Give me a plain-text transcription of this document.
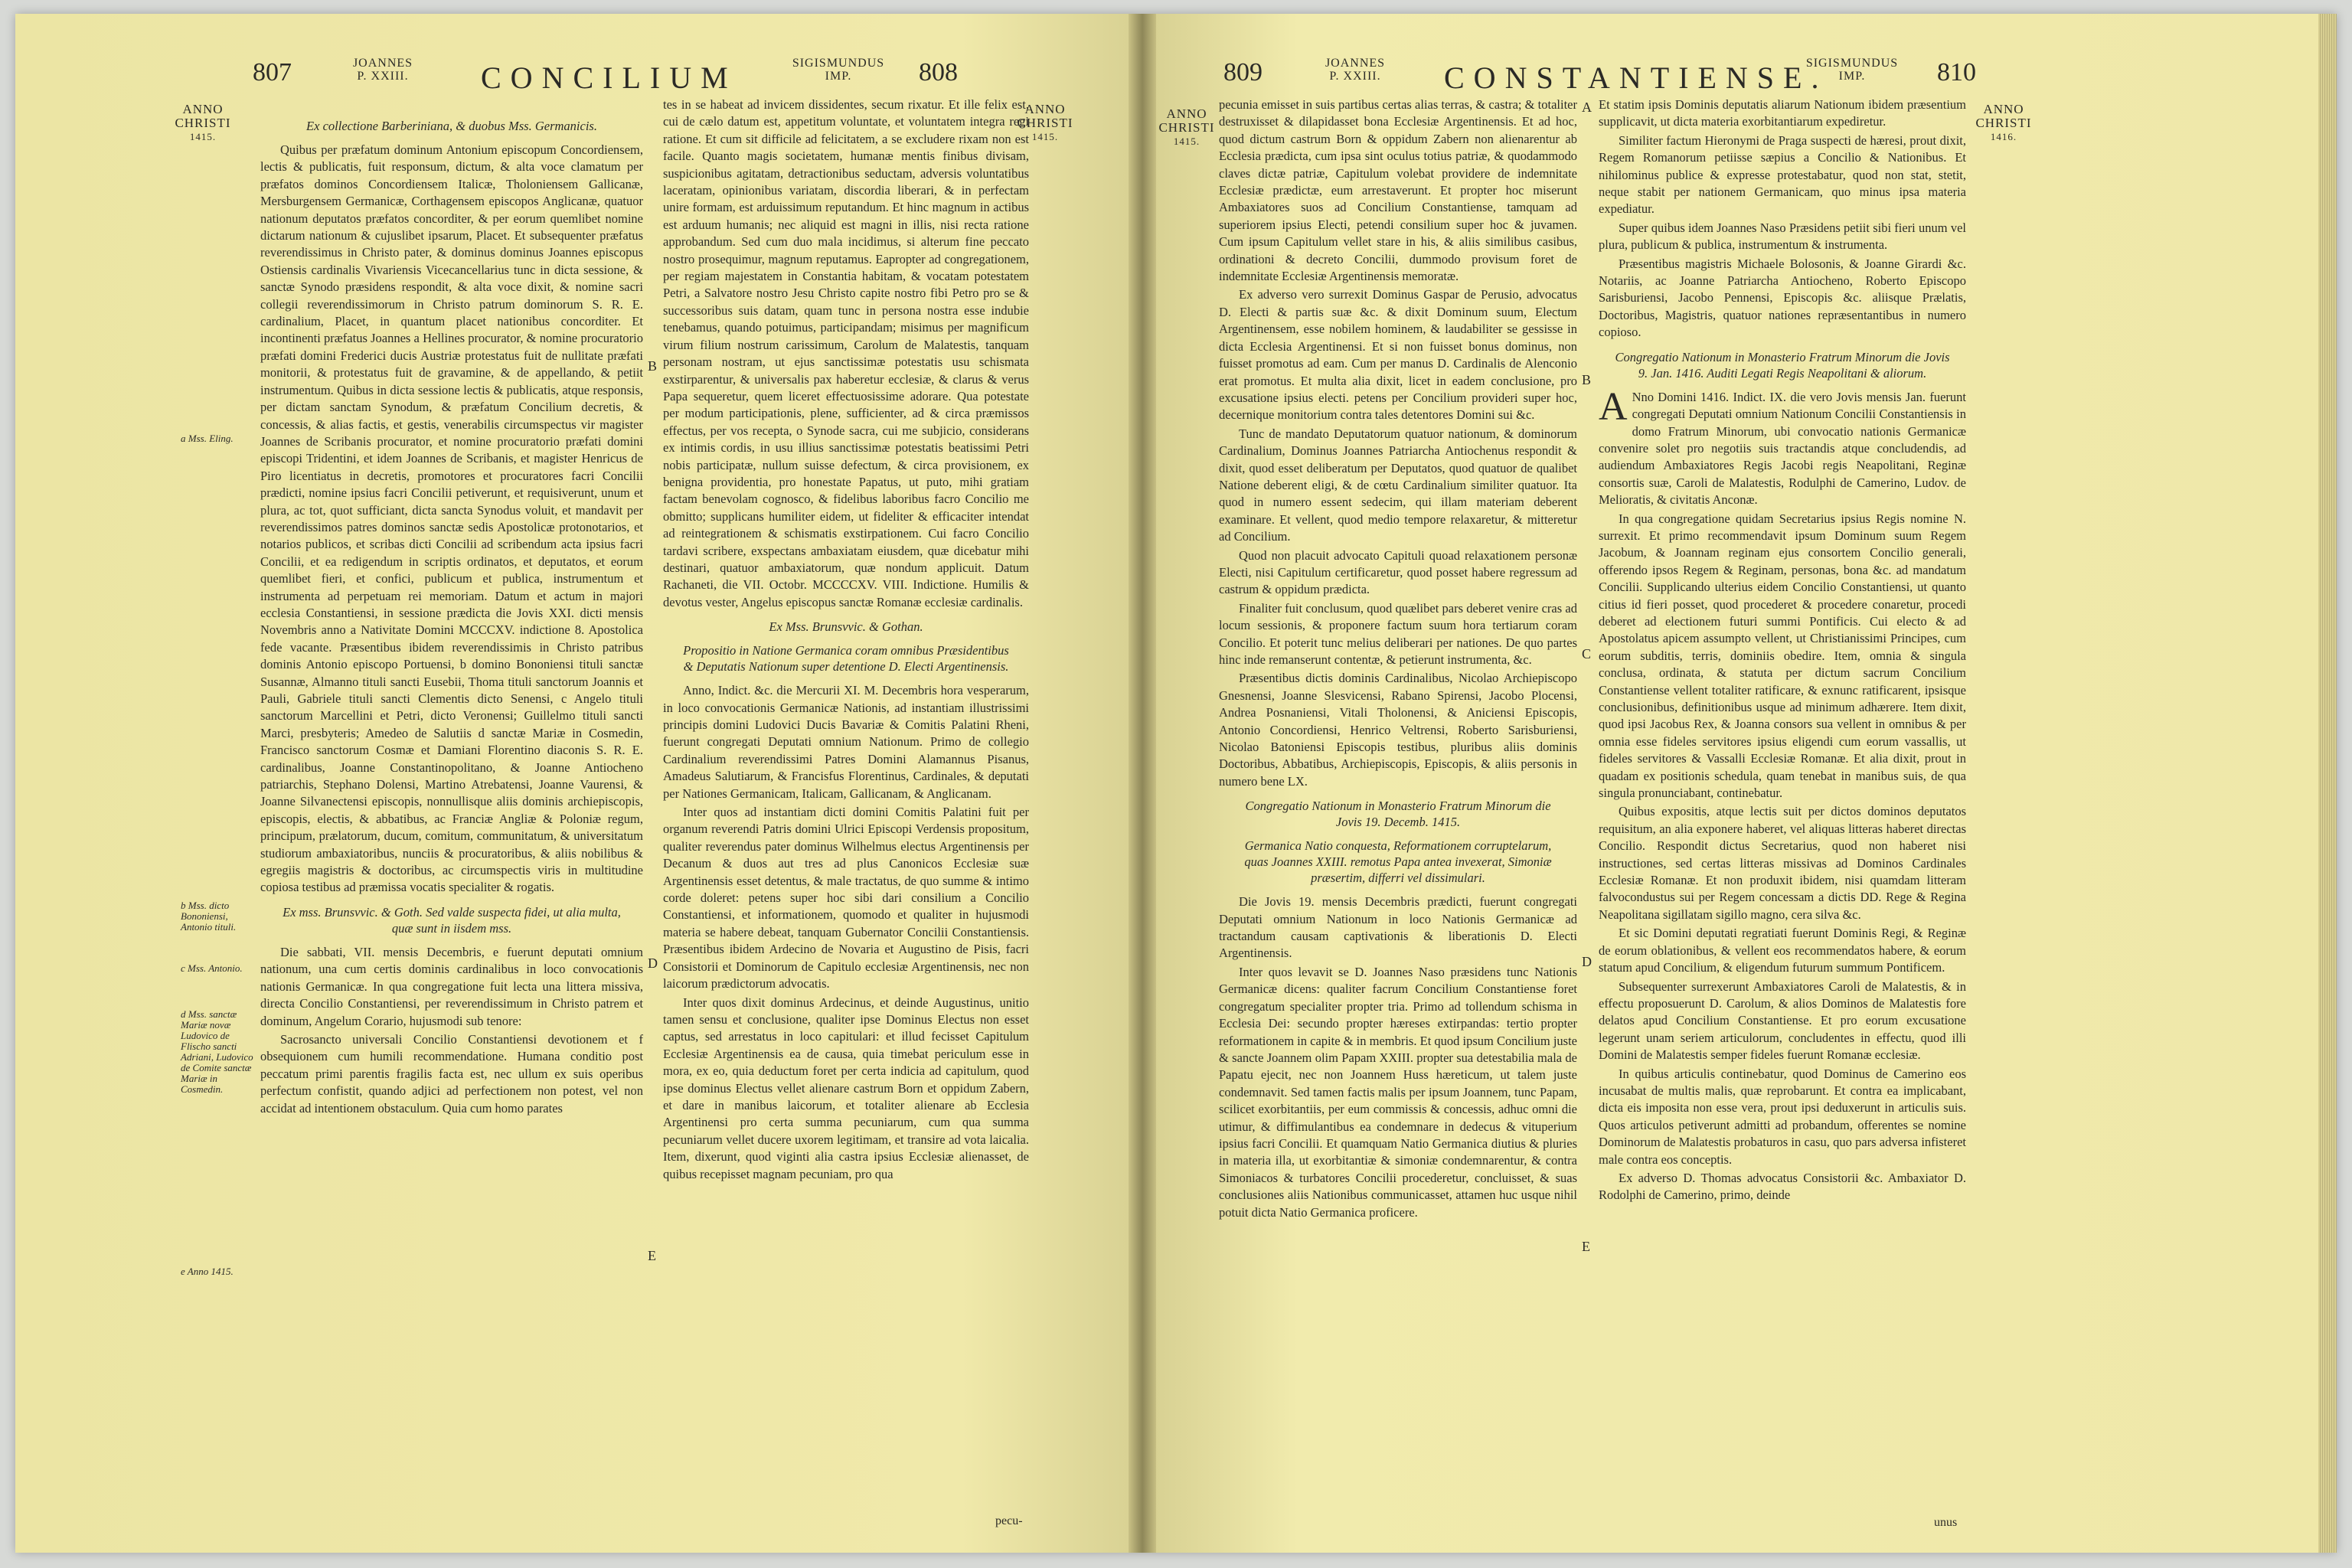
807	JOANNES
P. XXIII.	CONCILIUM	SIGISMUNDUS
IMP.	808
ANNO
CHRISTI
1415.
ANNO
CHRISTI
1415.
a Mss. Eling.
b Mss. dicto Bononiensi, Antonio tituli.
c Mss. Antonio.
d Mss. sanctæ Mariæ novæ Ludovico de Flischo sancti Adriani, Ludovico de Comite sanctæ Mariæ in Cosmedin.
e Anno 1415.
Ex collectione Barberiniana, & duobus Mss. Germanicis.

Quibus per præfatum dominum Antonium episcopum Concordiensem, lectis & publicatis, fuit responsum, dictum, & alta voce clamatum per præfatos dominos Concordiensem Italicæ, Tholoniensem Gallicanæ, Mersburgensem Germanicæ, Corthagensem episcopos Anglicanæ, quatuor nationum deputatos præfatos concorditer, & per eorum quemlibet nomine dictarum nationum & cujuslibet ipsarum, Placet. Et subsequenter præfatus reverendissimus in Christo pater, & dominus dominus Joannes episcopus Ostiensis cardinalis Vivariensis Vicecancellarius tunc in dicta sessione, & sanctæ Synodo præsidens respondit, & alta voce dixit, & nomine sacri collegii reverendissimorum in Christo patrum dominorum S. R. E. cardinalium, Placet, in quantum placet nationibus concorditer. Et incontinenti præfatus Joannes a Hellines procurator, & nomine procuratorio præfati domini Frederici ducis Austriæ protestatus fuit de nullitate præfati monitorii, & protestatus fuit de gravamine, & de appellando, & petiit instrumentum. Quibus in dicta sessione lectis & publicatis, atque responsis, per dictam sanctam Synodum, & præfatum Concilium decretis, & concessis, & alias factis, et gestis, venerabilis circumspectus vir magister Joannes de Scribanis procurator, et nomine procuratorio præfati domini episcopi Tridentini, et idem Joannes de Scribanis, et magister Henricus de Piro licentiatus in decretis, promotores et procuratores facri Concilii prædicti, nomine ipsius facri Concilii petiverunt, et requisiverunt, unum et plura, ac tot, quot sufficiant, dicta sancta Synodus voluit, et mandavit per reverendissimos patres dominos sanctæ sedis Apostolicæ protonotarios, et notarios publicos, et scribas dicti Concilii ad scribendum acta ipsius facri Concilii, et ea redigendum in scriptis ordinatos, et deputatos, et eorum quemlibet fieri, et confici, publicum et publica, instrumentum et instrumenta ad perpetuam rei memoriam. Datum et actum in majori ecclesia Constantiensi, in sessione prædicta die Jovis XXI. dicti mensis Novembris anno a Nativitate Domini MCCCXV. indictione 8. Apostolica fede vacante. Præsentibus ibidem reverendissimis in Christo patribus dominis Antonio episcopo Portuensi, b domino Bononiensi tituli sanctæ Susannæ, Almanno tituli sancti Eusebii, Thoma tituli sanctorum Joannis et Pauli, Gabriele tituli sancti Clementis dicto Senensi, c Angelo tituli sanctorum Marcellini et Petri, dicto Veronensi; Guillelmo tituli sancti Marci, presbyteris; Amedeo de Salutiis d sanctæ Mariæ in Cosmedin, Francisco sanctorum Cosmæ et Damiani Florentino diaconis S. R. E. cardinalibus, Joanne Constantinopolitano, & Joanne Antiocheno patriarchis, Stephano Dolensi, Martino Atrebatensi, Joanne Vaurensi, & Joanne Silvanectensi episcopis, nonnullisque aliis dominis archiepiscopis, episcopis, electis, & abbatibus, ac Franciæ Angliæ & Poloniæ regum, principum, prælatorum, ducum, comitum, communitatum, & universitatum studiorum ambaxiatoribus, nunciis & procuratoribus, & aliis nobilibus & egregiis magistris & doctoribus, ac circumspectis viris in multitudine copiosa testibus ad præmissa vocatis specialiter & rogatis.

Ex mss. Brunsvvic. & Goth. Sed valde suspecta fidei, ut alia multa, quæ sunt in iisdem mss.

Die sabbati, VII. mensis Decembris, e fuerunt deputati omnium nationum, una cum certis dominis cardinalibus in loco convocationis nationis Germanicæ. In qua congregatione fuit lecta una littera missiva, directa Concilio Constantiensi, per reverendissimum in Christo patrem et dominum, Angelum Corario, hujusmodi sub tenore:

Sacrosancto universali Concilio Constantiensi devotionem et f obsequionem cum humili recommendatione. Humana conditio post peccatum primi parentis fragilis facta est, nec ullum ex suis operibus perfectum confistit, quando adjici ad perfectionem non potest, vel non accidat ad intentionem obstaculum. Quia cum homo parates

B
D
E

tes in se habeat ad invicem dissidentes, secum rixatur. Et ille felix est, cui de cælo datum est, appetitum voluntate, et voluntatem integra regi ratione. Et cum sit difficile ad felicitatem, a se excludere rixam non est facile. Quanto magis societatem, humanæ mentis finibus divisam, suspicionibus agitatam, detractionibus seductam, adversis voluntatibus laceratam, opinionibus variatam, discordia liberari, & in perfectam unire formam, est arduissimum reputandum. Et hinc magnum in actibus est arduum humanis; nec aliquid est magni in illis, nisi recta ratione approbandum. Sed cum duo mala incidimus, si alterum fine peccato nostro prosequimur, magnum reputamus. Eapropter ad congregationem, per regiam majestatem in Constantia habitam, & vocatam potestatem Petri, a Salvatore nostro Jesu Christo capite nostro fibi Petro pro se & successoribus suis datam, quam tunc in persona nostra esse indubie tenebamus, quando potuimus, participandam; misimus per magnificum virum filium nostrum carissimum, Carolum de Malatestis, tanquam personam nostram, ut ejus sanctissimæ potestatis usu schismata exstirparentur, & universalis pax haberetur ecclesiæ, & clarus & verus Papa sequeretur, quem liceret effectuosissime adorare. Qua potestate per modum participationis, plene, sufficienter, ad & circa præmissos effectus, per vos recepta, o Synode sacra, cui me subjicio, considerans ex intimis cordis, in usu illius sanctissimæ potestatis beatissimi Petri nobis participatæ, nullum suisse defectum, & circa provisionem, ex benigna providentia, pro honestate Papatus, ut puto, mihi gratiam factam benevolam cognosco, & fidelibus laboribus facro Concilio me obmitto; supplicans humiliter eidem, ut fideliter & efficaciter intendat ad reintegrationem & schismatis exstirpationem. Cui facro Concilio tardavi scribere, exspectans ambaxiatam eiusdem, quæ dicebatur mihi destinari, quatuor ambaxiatorum, quæ nondum applicuit. Datum Rachaneti, die VII. Octobr. MCCCCXV. VIII. Indictione. Humilis & devotus vester, Angelus episcopus sanctæ Romanæ ecclesiæ cardinalis.

Ex Mss. Brunsvvic. & Gothan.
Propositio in Natione Germanica coram omnibus Præsidentibus & Deputatis Nationum super detentione D. Electi Argentinensis.

Anno, Indict. &c. die Mercurii XI. M. Decembris hora vesperarum, in loco convocationis Germanicæ Nationis, ad instantiam illustrissimi principis domini Ludovici Ducis Bavariæ & Comitis Palatini Rheni, fuerunt congregati Deputati omnium Nationum. Primo de collegio Cardinalium reverendissimi Patres Domini Alamannus Pisanus, Amadeus Salutiarum, & Francisfus Florentinus, Cardinales, & deputati per Nationes Germanicam, Italicam, Gallicanam, & Anglicanam.

Inter quos ad instantiam dicti domini Comitis Palatini fuit per organum reverendi Patris domini Ulrici Episcopi Verdensis propositum, qualiter reverendus pater dominus Wilhelmus electus Argentinensis per Decanum & duos aut tres ad plus Canonicos Ecclesiæ suæ Argentinensis esset detentus, & male tractatus, de quo summe & intimo corde doleret: petens super hoc sibi dari consilium a Concilio Constantiensi, et informationem, quomodo et qualiter in hujusmodi materia se habere debeat, tanquam Gubernator Concilii Constantiensis. Præsentibus ibidem Ardecino de Novaria et Augustino de Pisis, facri Consistorii et Dominorum de Capitulo ecclesiæ Argentinensis, nec non laicorum prædictorum advocatis.

Inter quos dixit dominus Ardecinus, et deinde Augustinus, unitio tamen sensu et conclusione, qualiter ipse Dominus Electus non esset captus, sed arrestatus in loco capitulari: et illud fecisset Capitulum Ecclesiæ Argentinensis ea de causa, quia timebat periculum esse in mora, ex eo, quia deductum foret per certa indicia ad capitulum, quod ipse dominus Electus vellet alienare castrum Born et oppidum Zabern, et dare in manibus laicorum, et totaliter alienare ab Ecclesia Argentinensi pro certa summa pecuniarum, cum qua summa pecuniarum vellet ducere uxorem legitimam, et transire ad vota laicalia. Item, dixerunt, quod viginti alia castra ipsius Ecclesiæ alienasset, de quibus recepisset magnam pecuniam, pro qua

pecu-
809	JOANNES
P. XXIII.	CONSTANTIENSE.
SIGISMUNDUS
IMP.	810
ANNO
CHRISTI
1415.
ANNO
CHRISTI
1416.
A
B
C
D
E

pecunia emisset in suis partibus certas alias terras, & castra; & totaliter destruxisset & dilapidasset bona Ecclesiæ Argentinensis. Et ad hoc, quod dictum castrum Born & oppidum Zabern non alienarentur ab Ecclesia prædicta, cum ipsa sint oculus totius patriæ, & quodammodo claves dictæ patriæ, Capitulum volebat providere de indemnitate Ecclesiæ prædictæ, eum arrestaverunt. Et propter hoc miserunt Ambaxiatores suos ad Concilium Constantiense, tamquam ad superiorem ipsius Electi, petendi consilium super hoc & juvamen. Cum ipsum Capitulum vellet stare in his, & aliis similibus casibus, ordinationi & decreto Concilii, dummodo provisum foret de indemnitate Ecclesiæ Argentinensis memoratæ.

Ex adverso vero surrexit Dominus Gaspar de Perusio, advocatus D. Electi & partis suæ &c. & dixit Dominum suum, Electum Argentinensem, esse nobilem hominem, & laudabiliter se gessisse in dicta Ecclesia Argentinensi. Et si non fuisset bonus dominus, non fuisset promotus ad eam. Cum per manus D. Cardinalis de Alenconio erat promotus. Et multa alia dixit, licet in eadem conclusione, pro excusatione ipsius electi. petens per Concilium provideri super hoc, decernique monitorium contra tales detentores Domini sui &c.

Tunc de mandato Deputatorum quatuor nationum, & dominorum Cardinalium, Dominus Joannes Patriarcha Antiochenus respondit & dixit, quod esset deliberatum per Deputatos, quod quatuor de qualibet Natione deberent eligi, & de cœtu Cardinalium similiter quatuor. Ita quod in numero essent sedecim, qui illam materiam deberent examinare. Et vellent, quod medio tempore relaxaretur, & mitteretur ad Concilium.

Quod non placuit advocato Capituli quoad relaxationem personæ Electi, nisi Capitulum certificaretur, quod posset habere regressum ad castrum & oppidum prædicta.

Finaliter fuit conclusum, quod quælibet pars deberet venire cras ad locum sessionis, & proponere factum suum hora tertiarum coram Concilio. Et poterit tunc melius deliberari per nationes. De quo partes hinc inde remanserunt contentæ, & petierunt instrumenta, &c.

Præsentibus dictis dominis Cardinalibus, Nicolao Archiepiscopo Gnesnensi, Joanne Slesvicensi, Rabano Spirensi, Jacobo Plocensi, Andrea Posnaniensi, Vitali Tholonensi, & Aniciensi Episcopis, Antonio Concordiensi, Henrico Veltrensi, Roberto Sarisburiensi, Nicolao Batoniensi Episcopis testibus, pluribus aliis dominis Doctoribus, Abbatibus, Archiepiscopis, Episcopis, & aliis personis in numero bene LX.

Congregatio Nationum in Monasterio Fratrum Minorum die Jovis 19. Decemb. 1415.
Germanica Natio conquesta, Reformationem corruptelarum, quas Joannes XXIII. remotus Papa antea invexerat, Simoniæ præsertim, differri vel dissimulari.

Die Jovis 19. mensis Decembris prædicti, fuerunt congregati Deputati omnium Nationum in loco Nationis Germanicæ ad tractandum causam captivationis & liberationis D. Electi Argentinensis.

Inter quos levavit se D. Joannes Naso præsidens tunc Nationis Germanicæ dicens: qualiter facrum Concilium Constantiense foret congregatum specialiter propter tria. Primo ad tollendum schisma in Ecclesia Dei: secundo propter hæreses extirpandas: tertio propter reformationem in capite & in membris. Et quod ipsum Concilium juste & sancte Joannem olim Papam XXIII. propter sua detestabilia mala de Papatu ejecit, nec non Joannem Huss hæreticum, ut talem juste condemnavit. Sed tamen factis malis per ipsum Joannem, tunc Papam, scilicet exorbitantiis, per eum commissis & concessis, adhuc omni die utimur, & diffimulantibus ea condemnare in dedecus & vituperium ipsius facri Concilii. Et quamquam Natio Germanica diutius & pluries in materia illa, ut exorbitantiæ & simoniæ condemnarentur, & contra Simoniacos & turbatores Concilii procederetur, concluisset, & suas conclusiones aliis Nationibus communicasset, attamen huc usque nihil potuit dicta Natio Germanica proficere.

Et statim ipsis Dominis deputatis aliarum Nationum ibidem præsentium supplicavit, ut dicta materia exorbitantiarum expediretur.

Similiter factum Hieronymi de Praga suspecti de hæresi, prout dixit, Regem Romanorum petiisse sæpius a Concilio & Nationibus. Et nihilominus publice & expresse protestabatur, quod non stat, stetit, neque stabit per nationem Germanicam, quo minus ipsa materia expediatur.

Super quibus idem Joannes Naso Præsidens petiit sibi fieri unum vel plura, publicum & publica, instrumentum & instrumenta.

Præsentibus magistris Michaele Bolosonis, & Joanne Girardi &c. Notariis, ac Joanne Patriarcha Antiocheno, Roberto Episcopo Sarisburiensi, Jacobo Pennensi, Episcopis &c. aliisque Prælatis, Doctoribus, Magistris, quatuor nationes repræsentantibus in numero copioso.

Congregatio Nationum in Monasterio Fratrum Minorum die Jovis 9. Jan. 1416. Auditi Legati Regis Neapolitani & aliorum.

A Nno Domini 1416. Indict. IX. die vero Jovis mensis Jan. fuerunt congregati Deputati omnium Nationum Concilii Constantiensis in domo Fratrum Minorum, ubi convocatio nationis Germanicæ convenire solet pro negotiis suis tractandis atque concludendis, ad audiendum Ambaxiatores Regis Jacobi regis Neapolitani, Reginæ consortis suæ, Caroli de Malatestis, Rodulphi de Camerino, Ludov. de Melioratis, & civitatis Anconæ.

In qua congregatione quidam Secretarius ipsius Regis nomine N. surrexit. Et primo recommendavit ipsum Dominum suum Regem Jacobum, & Joannam reginam ejus consortem Concilio generali, offerendo ipsos Regem & Reginam, personas, bona &c. ad mandatum Concilii. Supplicando ulterius eidem Concilio Constantiensi, ut quanto citius id fieri posset, quod procederet & procedere conaretur, procedi deberet ad electionem futuri summi Pontificis. Cui electo & ad Apostolatus apicem assumpto vellent, ut Christianissimi Principes, cum eorum subditis, terris, dominiis obedire. Item, omnia & singula conclusa, ordinata, & statuta per dictum sacrum Concilium Constantiense vellent totaliter ratificare, & exnunc ratificarent, ipsisque conclusionibus, definitionibus usque ad minimum adhærere. Item dixit, quod ipsi Jacobus Rex, & Joanna consors sua vellent in omnibus & per omnia esse fideles servitores ipsius eligendi cum eorum vassallis, ut fideles servitores & Vassalli Ecclesiæ Romanæ. Et alia dixit, prout in quadam ex positionis schedula, quam tenebat in manibus suis, de qua singula pronunciabant, continebatur.

Quibus expositis, atque lectis suit per dictos dominos deputatos requisitum, an alia exponere haberet, vel aliquas litteras haberet directas Concilio. Respondit dictus Secretarius, quod non haberet nisi instructiones, sed certas litteras missivas ad Dominos Cardinales Ecclesiæ Romanæ. Et non produxit ibidem, nisi quamdam litteram falvocondustus sui per Regem concessam a dictis DD. Rege & Regina Neapolitana sigillatam sigillo magno, cera silva &c.

Et sic Domini deputati regratiati fuerunt Dominis Regi, & Reginæ de eorum oblationibus, & vellent eos recommendatos habere, & eorum statum apud Concilium, & eligendum futurum summum Pontificem.

Subsequenter surrexerunt Ambaxiatores Caroli de Malatestis, & in effectu proposuerunt D. Carolum, & alios Dominos de Malatestis fore delatos apud Concilium Constantiense. Et pro eorum excusatione legerunt unam seriem articulorum, concludentes in effectu, quod illi Domini de Malatestis semper fideles fuerunt Romanæ ecclesiæ.

In quibus articulis continebatur, quod Dominus de Camerino eos incusabat de multis malis, quæ reprobarunt. Et contra ea implicabant, dicta eis imposita non esse vera, prout ipsi deduxerunt in articulis suis. Quos articulos petiverunt admitti ad probandum, offerentes se nomine Dominorum de Malatestis probaturos in casu, quo pars adversa infisteret male contra eos conceptis.

Ex adverso D. Thomas advocatus Consistorii &c. Ambaxiator D. Rodolphi de Camerino, primo, deinde

unus
